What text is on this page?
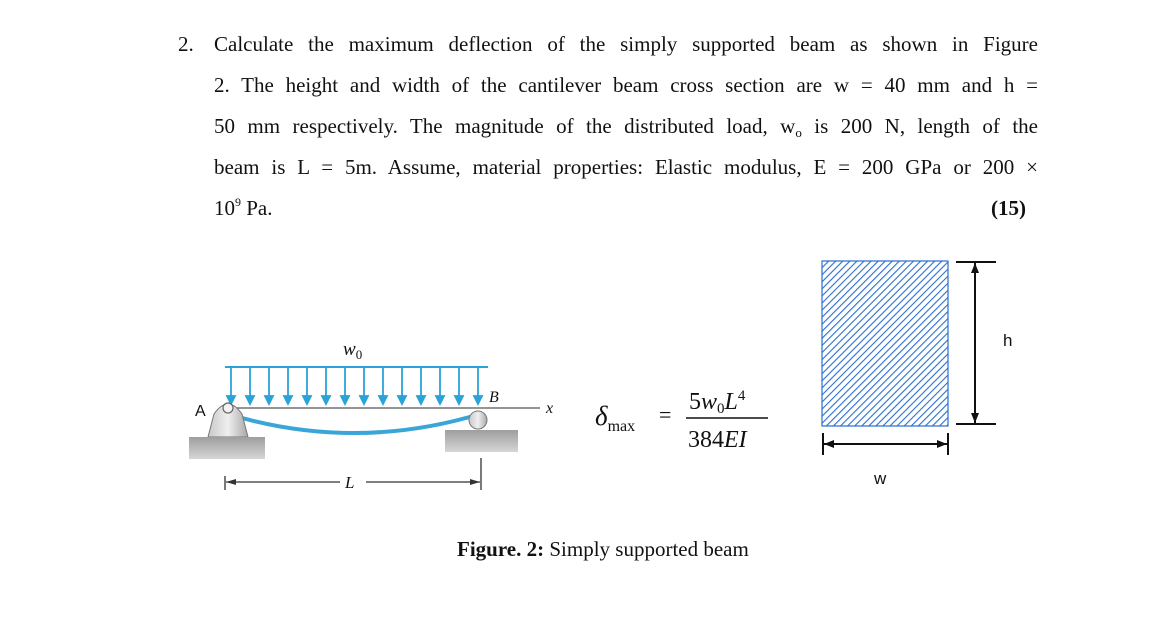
2. Calculate the maximum deflection of the simply supported beam as shown in Figure
2. The height and width of the cantilever beam cross section are w = 40 mm and h =
50 mm respectively. The magnitude of the distributed load, $w_o$ is 200 N, length of the
beam is L = 5m. Assume, material properties: Elastic modulus, E = 200 GPa or 200 ×
$10^9$ Pa.	(15)
$w_0$
A
B
x
L
$\delta_{max} = 5w0L^4$
384EI
h
w
Figure. 2: Simply supported beam
